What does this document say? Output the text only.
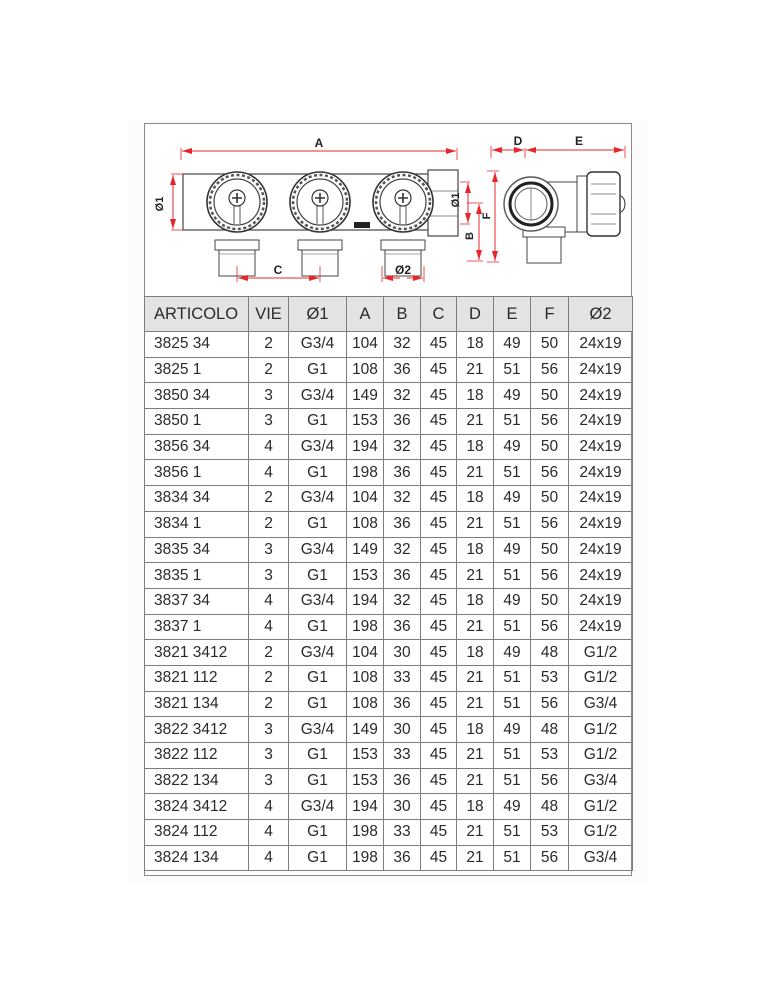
A
Ø1
C	Ø2
Ø1
B
F
D	E
ARTICOLO	VIE	Ø1	A	B	C	D	E	F	Ø2
3825 34	2	G3/4	104	32	45	18	49	50	24x19
3825 1	2	G1	108	36	45	21	51	56	24x19
3850 34	3	G3/4	149	32	45	18	49	50	24x19
3850 1	3	G1	153	36	45	21	51	56	24x19
3856 34	4	G3/4	194	32	45	18	49	50	24x19
3856 1	4	G1	198	36	45	21	51	56	24x19
3834 34	2	G3/4	104	32	45	18	49	50	24x19
3834 1	2	G1	108	36	45	21	51	56	24x19
3835 34	3	G3/4	149	32	45	18	49	50	24x19
3835 1	3	G1	153	36	45	21	51	56	24x19
3837 34	4	G3/4	194	32	45	18	49	50	24x19
3837 1	4	G1	198	36	45	21	51	56	24x19
3821 3412	2	G3/4	104	30	45	18	49	48	G1/2
3821 112	2	G1	108	33	45	21	51	53	G1/2
3821 134	2	G1	108	36	45	21	51	56	G3/4
3822 3412	3	G3/4	149	30	45	18	49	48	G1/2
3822 112	3	G1	153	33	45	21	51	53	G1/2
3822 134	3	G1	153	36	45	21	51	56	G3/4
3824 3412	4	G3/4	194	30	45	18	49	48	G1/2
3824 112	4	G1	198	33	45	21	51	53	G1/2
3824 134	4	G1	198	36	45	21	51	56	G3/4
